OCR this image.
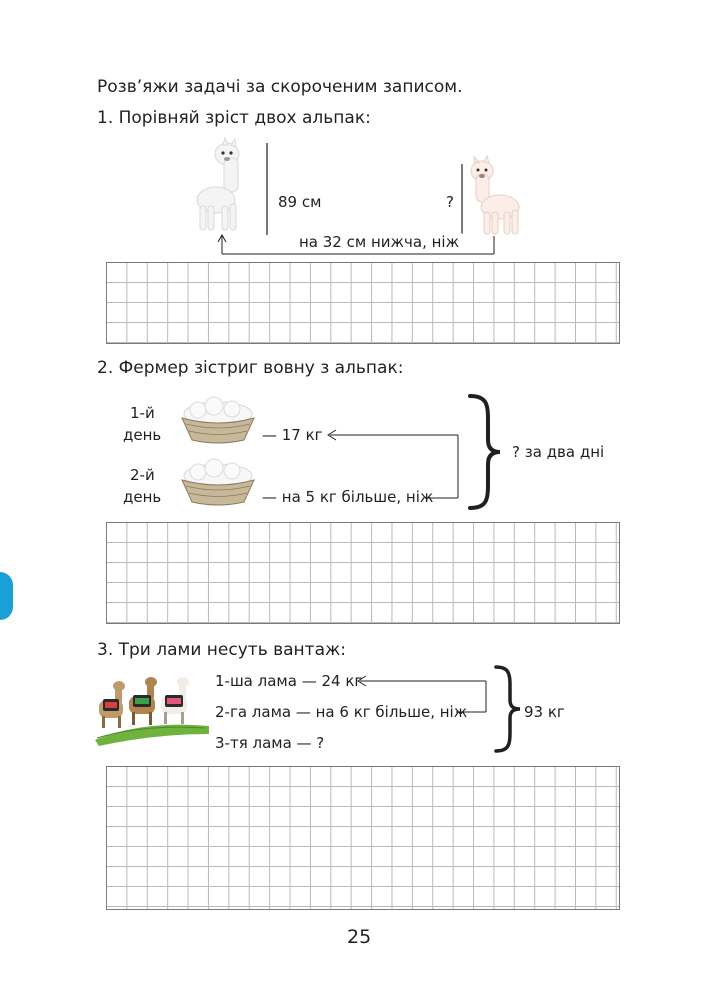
Розв’яжи задачі за скороченим записом.
1. Порівняй зріст двох альпак:
89 см	?
на 32 см нижча, ніж
2. Фермер зістриг вовну з альпак:
1-й
день	— 17 кг
2-й
день	— на 5 кг більше, ніж
? за два дні
3. Три лами несуть вантаж:
1-ша лама — 24 кг
2-га лама — на 6 кг більше, ніж
3-тя лама — ?
93 кг
25
